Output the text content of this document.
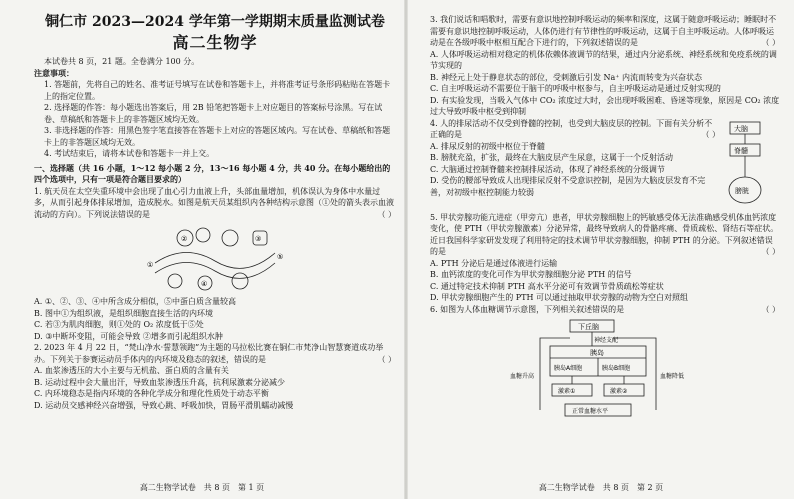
铜仁市 2023—2024 学年第一学期期末质量监测试卷

高二生物学

本试卷共 8 页，21 题。全卷满分 100 分。

注意事项：

1. 答题前，先将自己的姓名、准考证号填写在试卷和答题卡上，并将准考证号条形码粘贴在答题卡上的指定位置。

2. 选择题的作答：每小题选出答案后，用 2B 铅笔把答题卡上对应题目的答案标号涂黑。写在试卷、草稿纸和答题卡上的非答题区域均无效。

3. 非选择题的作答：用黑色签字笔直接答在答题卡上对应的答题区域内。写在试卷、草稿纸和答题卡上的非答题区域均无效。

4. 考试结束后，请将本试卷和答题卡一并上交。

一、选择题（共 16 小题，1～12 每小题 2 分，13～16 每小题 4 分，共 40 分。在每小题给出的四个选项中，只有一项是符合题目要求的）

1. 航天员在太空失重环境中会出现了血心引力血液上升，头部血量增加，机体误认为身体中水量过多，从而引起身体排尿增加，造成脱水。如图是航天员某组织内各种结构示意图（①处的箭头表示血液流动的方向）。下列说法错误的是	（ ）

①
②	③
④
⑤

A. ①、②、③、④中所含成分相似，⑤中蛋白质含量较高

B. 图中①为组织液，是组织细胞直接生活的内环境

C. 若③为肌肉细胞，则①处的 O₂ 浓度低于⑤处

D. ③中断坏变阻，可能会导致 ②增多而引起组织水肿

2. 2023 年 4 月 22 日，“梵山净水·誓慧领跑”为主题的马拉松比赛在铜仁市梵净山智慧赛道成功举办。下列关于参赛运动员手体内的内环境及稳态的叙述，错误的是	（ ）

A. 血浆渗透压的大小主要与无机盐、蛋白质的含量有关

B. 运动过程中会大量出汗，导致血浆渗透压升高，抗利尿激素分泌减少

C. 内环境稳态是指内环境的各种化学成分和理化性质处于动态平衡

D. 运动员交感神经兴奋增强，导致心跳、呼吸加快，胃肠平滑肌蠕动减慢

高二生物学试卷　共 8 页　第 1 页

3. 我们说话和唱歌时，需要有意识地控制呼吸运动的频率和深度，这属于随意呼吸运动；睡眠时不需要有意识地控制呼吸运动，人体仍进行有节律性的呼吸运动，这属于自主呼吸运动。人体呼吸运动是在各级呼吸中枢相互配合下进行的，下列叙述错误的是	（ ）

A. 人体呼吸运动相对稳定的机体依赖体液调节的结果，通过内分泌系统、神经系统和免疫系统的调节实现的

B. 神经元上处于静息状态的部位，受刺激后引发 Na⁺ 内流而转变为兴奋状态

C. 自主呼吸运动不需要位于脑干的呼吸中枢参与，自主呼吸运动是通过反射实现的

D. 有实验发现，当吸入气体中 CO₂ 浓度过大时，会出现呼吸困难、昏迷等现象，原因是 CO₂ 浓度过大导致呼吸中枢受到抑制

4. 人的排尿活动不仅受到脊髓的控制，也受到大脑皮层的控制。下面有关分析不正确的是	（ ）

A. 排尿反射的初级中枢位于脊髓

B. 膀胱充盈，扩张，最终在大脑皮层产生尿意，这属于一个反射活动

C. 大脑通过控制脊髓来控制排尿活动，体现了神经系统的分级调节

D. 受伤的腰部导致成人出现排尿反射不受意识控制，是因为大脑皮层发育不完善，对初级中枢控制能力较弱

大脑
脊髓
膀胱

5. 甲状旁腺功能亢进症（甲旁亢）患者，甲状旁腺细胞上的钙敏感受体无法准确感受机体血钙浓度变化，使 PTH（甲状旁腺激素）分泌异常，最终导致病人的骨骼疼痛、骨质疏松、肾结石等症状。近日我国科学家研发发现了利用特定的技术调节甲状旁腺细胞，抑制 PTH 的分泌。下列叙述错误的是	（ ）

A. PTH 分泌后是通过体液进行运输

B. 血钙浓度的变化可作为甲状旁腺细胞分泌 PTH 的信号

C. 通过特定技术抑制 PTH 高水平分泌可有效调节骨质疏松等症状

D. 甲状旁腺细胞产生的 PTH 可以通过抽取甲状旁腺的动物为空白对照组

6. 如图为人体血糖调节示意图，下列相关叙述错误的是	（ ）

下丘脑
神经支配
胰岛
胰岛A细胞	胰岛B细胞
激素①	激素②
正常血糖水平
血糖升高	血糖降低
高二生物学试卷　共 8 页　第 2 页
